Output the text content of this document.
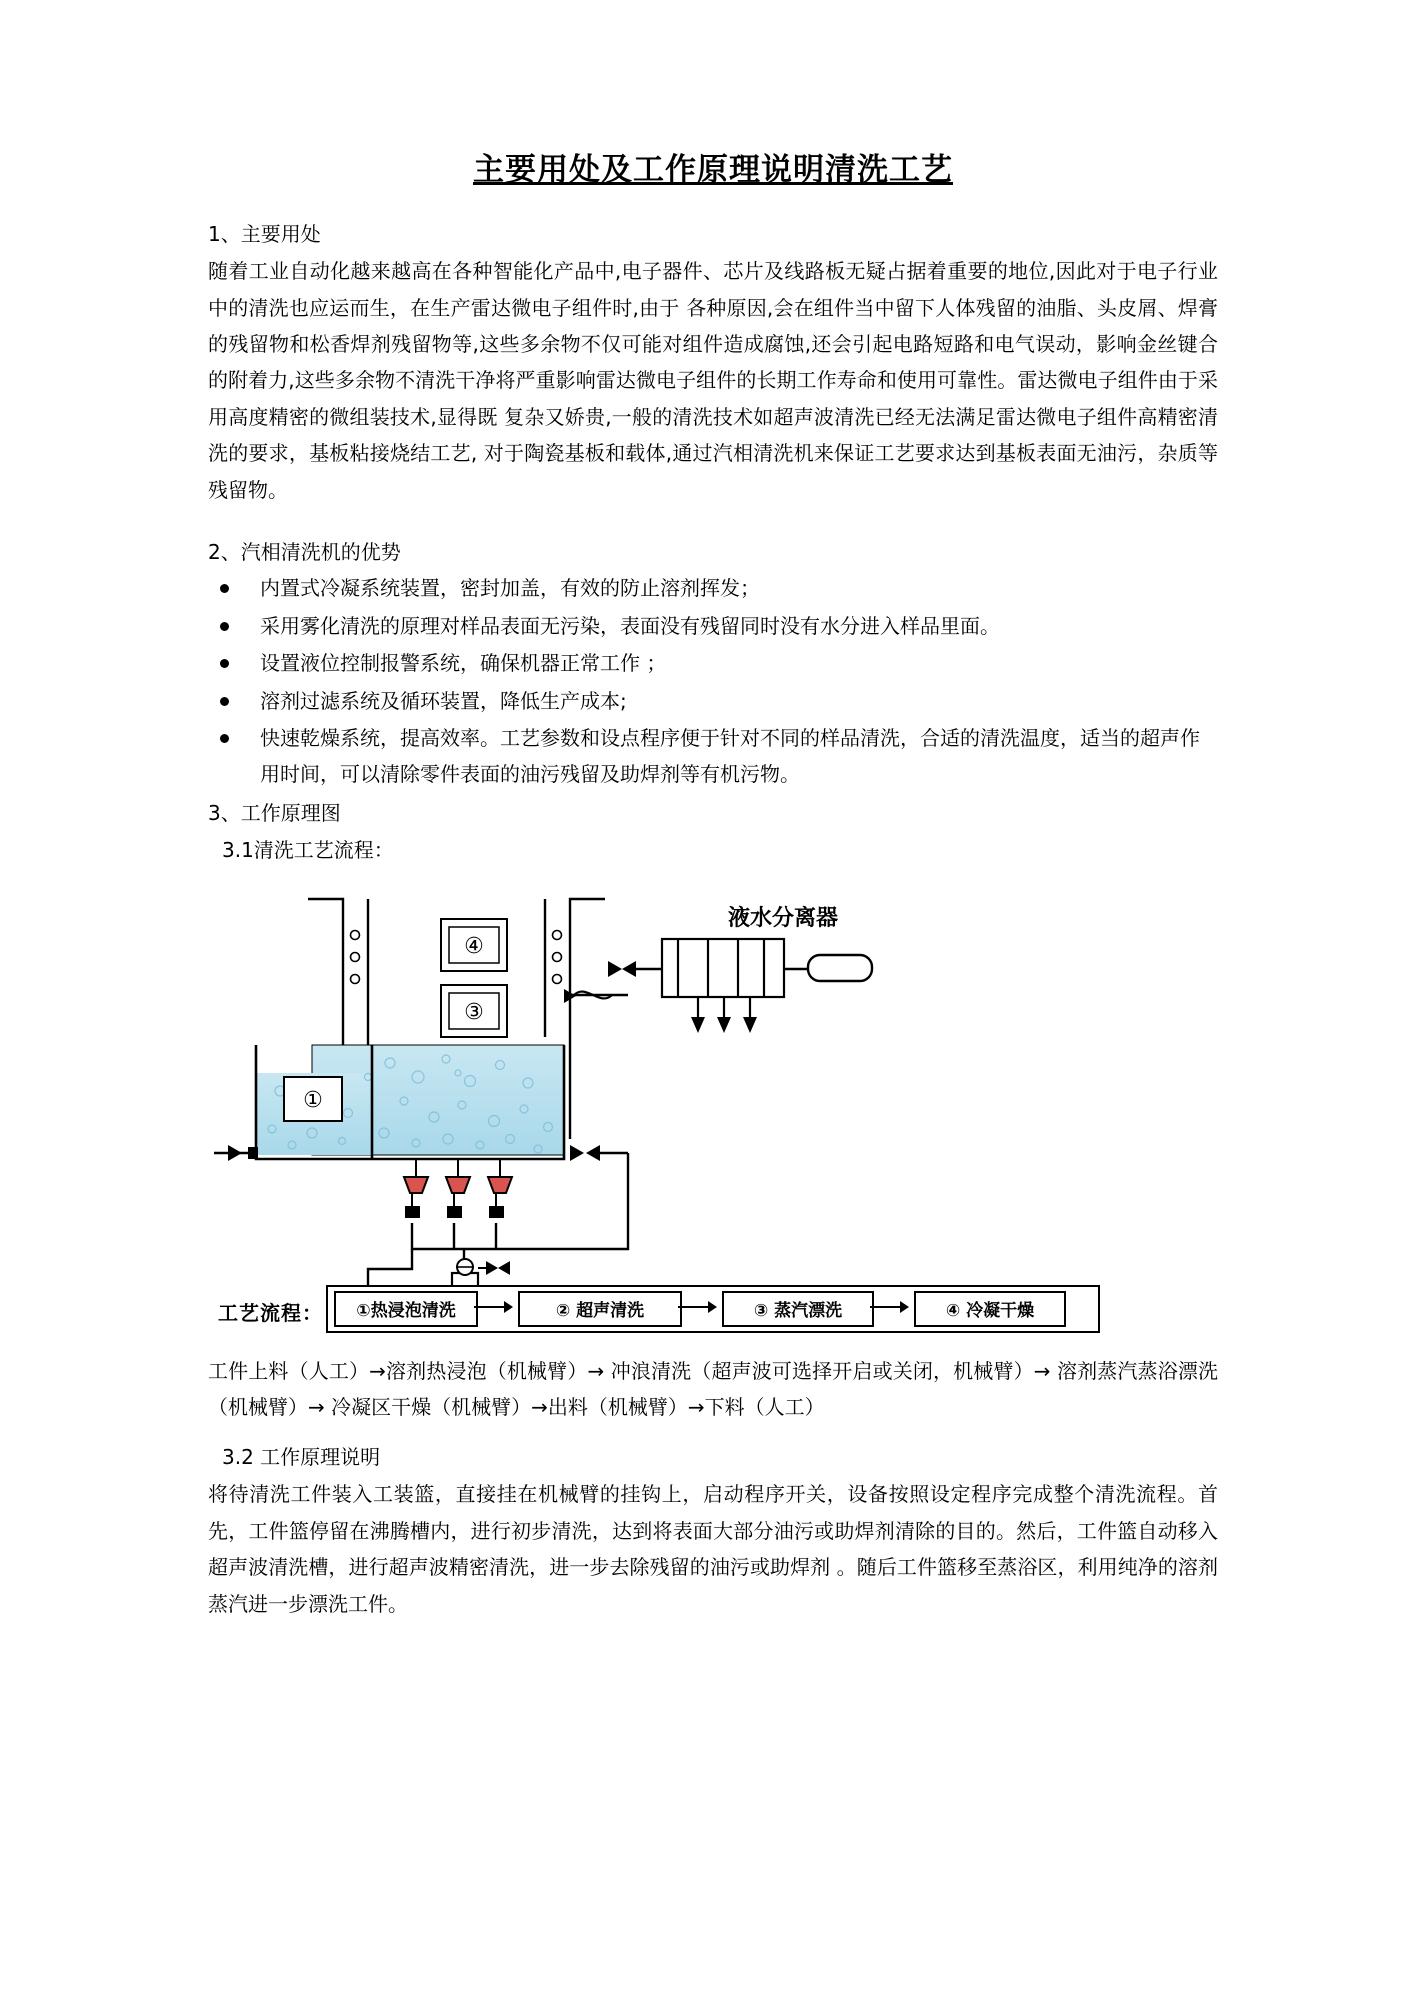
主要用处及工作原理说明清洗工艺

1、主要用处

随着工业自动化越来越高在各种智能化产品中,电子器件、芯片及线路板无疑占据着重要的地位,因此对于电子行业中的清洗也应运而生，在生产雷达微电子组件时,由于 各种原因,会在组件当中留下人体残留的油脂、头皮屑、焊膏的残留物和松香焊剂残留物等,这些多余物不仅可能对组件造成腐蚀,还会引起电路短路和电气误动，影响金丝键合的附着力,这些多余物不清洗干净将严重影响雷达微电子组件的长期工作寿命和使用可靠性。雷达微电子组件由于采用高度精密的微组装技术,显得既 复杂又娇贵,一般的清洗技术如超声波清洗已经无法满足雷达微电子组件高精密清洗的要求，基板粘接烧结工艺, 对于陶瓷基板和载体,通过汽相清洗机来保证工艺要求达到基板表面无油污，杂质等残留物。

2、汽相清洗机的优势

内置式冷凝系统装置，密封加盖，有效的防止溶剂挥发；
采用雾化清洗的原理对样品表面无污染，表面没有残留同时没有水分进入样品里面。
设置液位控制报警系统，确保机器正常工作 ；
溶剂过滤系统及循环装置，降低生产成本;
快速乾燥系统，提高效率。工艺参数和设点程序便于针对不同的样品清洗，合适的清洗温度，适当的超声作用时间，可以清除零件表面的油污残留及助焊剂等有机污物。

3、工作原理图

3.1清洗工艺流程：

④
③
①
液水分离器
工艺流程：	①热浸泡清洗	② 超声清洗	③ 蒸汽漂洗	④ 冷凝干燥

工件上料（人工）→溶剂热浸泡（机械臂）→ 冲浪清洗（超声波可选择开启或关闭，机械臂）→ 溶剂蒸汽蒸浴漂洗（机械臂）→ 冷凝区干燥（机械臂）→出料（机械臂）→下料（人工）

3.2 工作原理说明

将待清洗工件装入工装篮，直接挂在机械臂的挂钩上，启动程序开关，设备按照设定程序完成整个清洗流程。首先，工件篮停留在沸腾槽内，进行初步清洗，达到将表面大部分油污或助焊剂清除的目的。然后，工件篮自动移入超声波清洗槽，进行超声波精密清洗，进一步去除残留的油污或助焊剂 。随后工件篮移至蒸浴区，利用纯净的溶剂蒸汽进一步漂洗工件。
